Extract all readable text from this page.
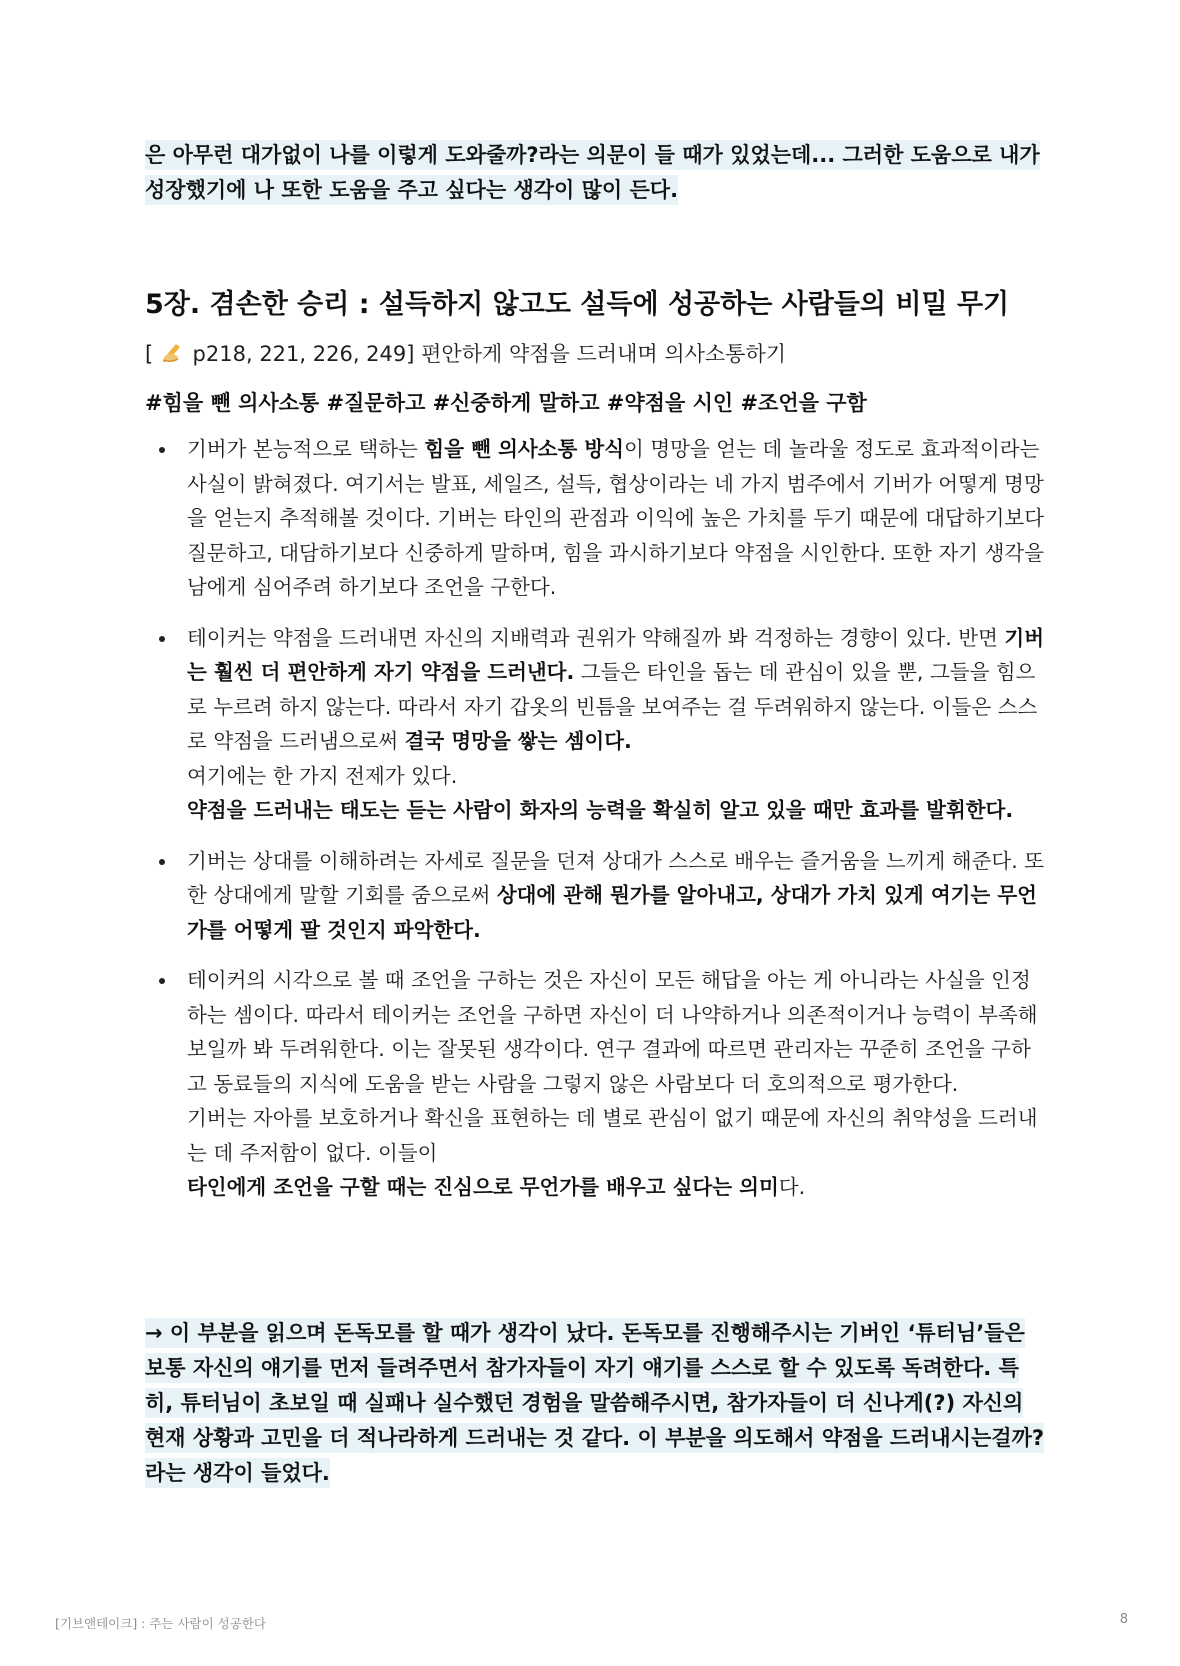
은 아무런 대가없이 나를 이렇게 도와줄까?라는 의문이 들 때가 있었는데... 그러한 도움으로 내가 성장했기에 나 또한 도움을 주고 싶다는 생각이 많이 든다.
5장. 겸손한 승리 : 설득하지 않고도 설득에 성공하는 사람들의 비밀 무기
[  p218, 221, 226, 249] 편안하게 약점을 드러내며 의사소통하기
#힘을 뺀 의사소통 #질문하고 #신중하게 말하고 #약점을 시인 #조언을 구함

기버가 본능적으로 택하는 힘을 뺀 의사소통 방식이 명망을 얻는 데 놀라울 정도로 효과적이라는 사실이 밝혀졌다. 여기서는 발표, 세일즈, 설득, 협상이라는 네 가지 범주에서 기버가 어떻게 명망을 얻는지 추적해볼 것이다. 기버는 타인의 관점과 이익에 높은 가치를 두기 때문에 대답하기보다 질문하고, 대담하기보다 신중하게 말하며, 힘을 과시하기보다 약점을 시인한다. 또한 자기 생각을 남에게 심어주려 하기보다 조언을 구한다.

테이커는 약점을 드러내면 자신의 지배력과 권위가 약해질까 봐 걱정하는 경향이 있다. 반면 기버는 훨씬 더 편안하게 자기 약점을 드러낸다. 그들은 타인을 돕는 데 관심이 있을 뿐, 그들을 힘으로 누르려 하지 않는다. 따라서 자기 갑옷의 빈틈을 보여주는 걸 두려워하지 않는다. 이들은 스스로 약점을 드러냄으로써 결국 명망을 쌓는 셈이다.

여기에는 한 가지 전제가 있다.

약점을 드러내는 태도는 듣는 사람이 화자의 능력을 확실히 알고 있을 때만 효과를 발휘한다.

기버는 상대를 이해하려는 자세로 질문을 던져 상대가 스스로 배우는 즐거움을 느끼게 해준다. 또한 상대에게 말할 기회를 줌으로써 상대에 관해 뭔가를 알아내고, 상대가 가치 있게 여기는 무언가를 어떻게 팔 것인지 파악한다.

테이커의 시각으로 볼 때 조언을 구하는 것은 자신이 모든 해답을 아는 게 아니라는 사실을 인정하는 셈이다. 따라서 테이커는 조언을 구하면 자신이 더 나약하거나 의존적이거나 능력이 부족해 보일까 봐 두려워한다. 이는 잘못된 생각이다. 연구 결과에 따르면 관리자는 꾸준히 조언을 구하고 동료들의 지식에 도움을 받는 사람을 그렇지 않은 사람보다 더 호의적으로 평가한다.

기버는 자아를 보호하거나 확신을 표현하는 데 별로 관심이 없기 때문에 자신의 취약성을 드러내는 데 주저함이 없다. 이들이

타인에게 조언을 구할 때는 진심으로 무언가를 배우고 싶다는 의미다.

→ 이 부분을 읽으며 돈독모를 할 때가 생각이 났다. 돈독모를 진행해주시는 기버인 ‘튜터님’들은 보통 자신의 얘기를 먼저 들려주면서 참가자들이 자기 얘기를 스스로 할 수 있도록 독려한다. 특히, 튜터님이 초보일 때 실패나 실수했던 경험을 말씀해주시면, 참가자들이 더 신나게(?) 자신의 현재 상황과 고민을 더 적나라하게 드러내는 것 같다. 이 부분을 의도해서 약점을 드러내시는걸까?라는 생각이 들었다.
[기브앤테이크] : 주는 사람이 성공한다	8
